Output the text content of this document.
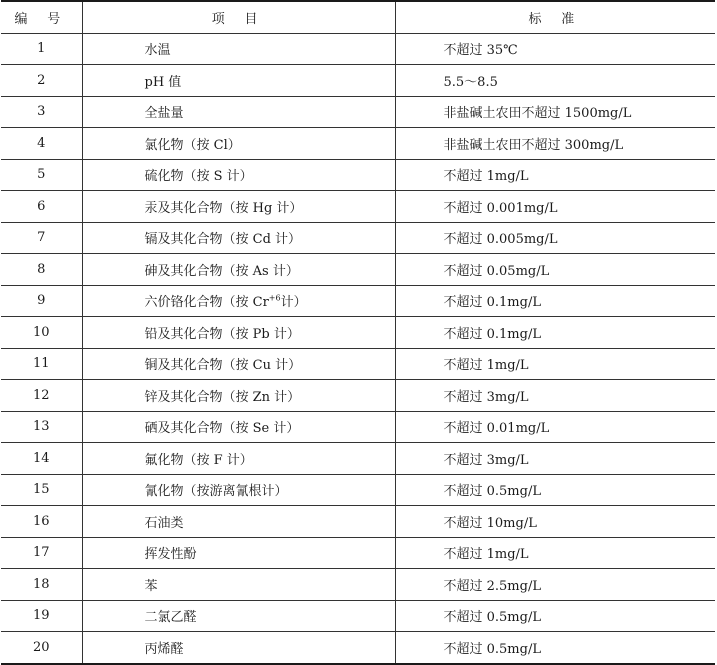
编 号	项 目	标 准
1	水温	不超过 35℃
2	pH 值	5.5～8.5
3	全盐量	非盐碱土农田不超过 1500mg/L
4	氯化物（按 Cl）	非盐碱土农田不超过 300mg/L
5	硫化物（按 S 计）	不超过 1mg/L
6	汞及其化合物（按 Hg 计）	不超过 0.001mg/L
7	镉及其化合物（按 Cd 计）	不超过 0.005mg/L
8	砷及其化合物（按 As 计）	不超过 0.05mg/L
9	六价铬化合物（按 $Cr^{+6}$计）	不超过 0.1mg/L
10	铅及其化合物（按 Pb 计）	不超过 0.1mg/L
11	铜及其化合物（按 Cu 计）	不超过 1mg/L
12	锌及其化合物（按 Zn 计）	不超过 3mg/L
13	硒及其化合物（按 Se 计）	不超过 0.01mg/L
14	氟化物（按 F 计）	不超过 3mg/L
15	氰化物（按游离氰根计）	不超过 0.5mg/L
16	石油类	不超过 10mg/L
17	挥发性酚	不超过 1mg/L
18	苯	不超过 2.5mg/L
19	二氯乙醛	不超过 0.5mg/L
20	丙烯醛	不超过 0.5mg/L
